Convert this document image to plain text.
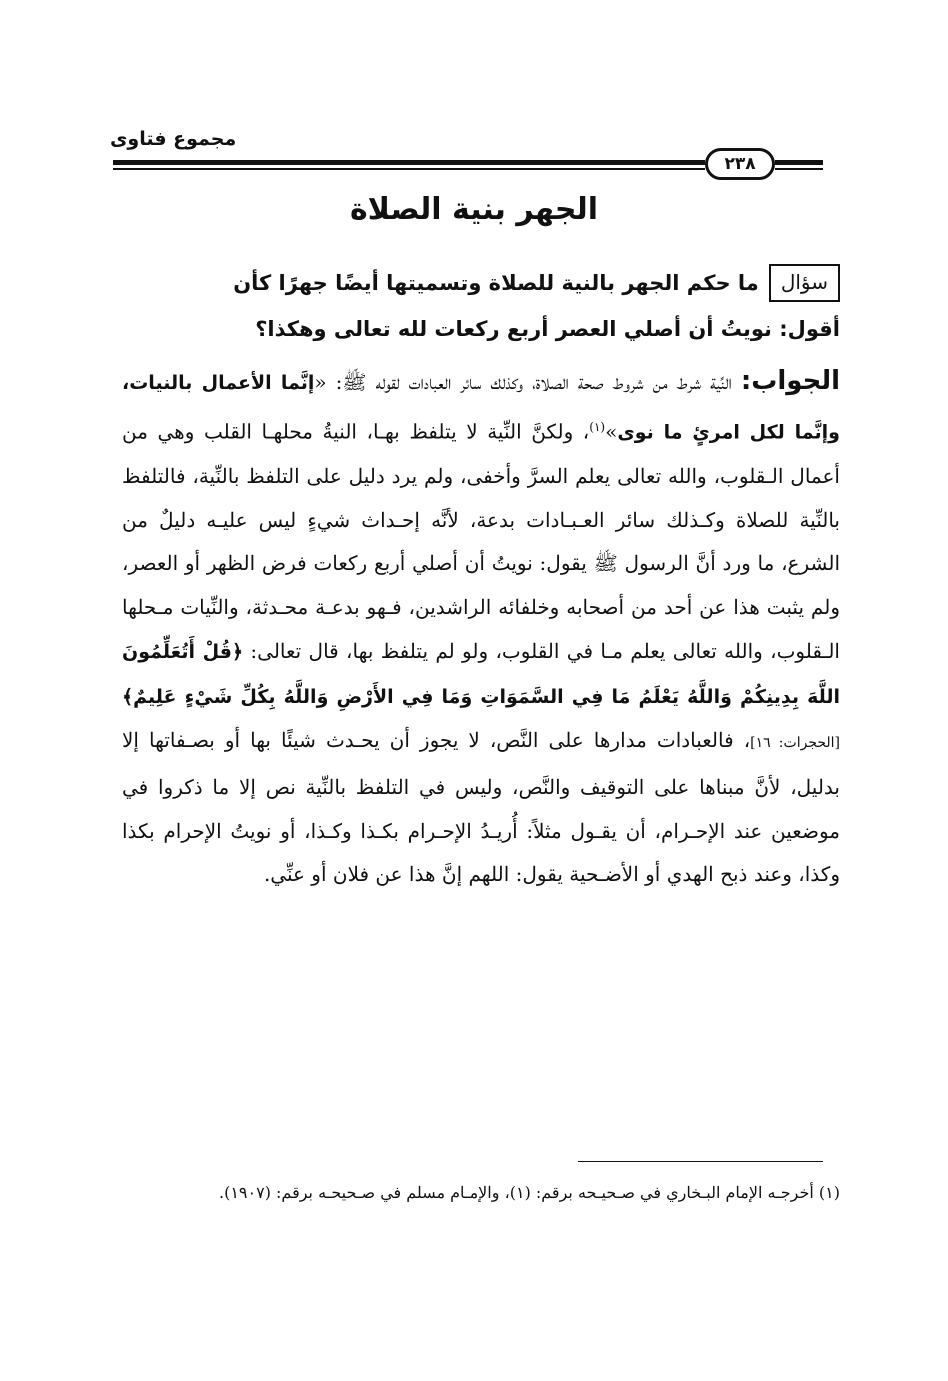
مجموع فتاوى
٢٣٨
الجهر بنية الصلاة
سؤال
ما حكم الجهر بالنية للصلاة وتسميتها أيضًا جهرًا كأن
أقول: نويتُ أن أصلي العصر أربع ركعات لله تعالى وهكذا؟

الجواب: النِّية شرط من شروط صحة الصلاة، وكذلك سائر العبادات لقوله ﷺ: «إنَّما الأعمال بالنيات، وإنَّما لكل امرئٍ ما نوى»$^{(١)}$، ولكنَّ النِّية لا يتلفظ بهـا، النيةُ محلهـا القلب وهي من أعمال الـقلوب، والله تعالى يعلم السرَّ وأخفى، ولم يرد دليل على التلفظ بالنِّية، فالتلفظ بالنِّية للصلاة وكـذلك سائر العـبـادات بدعة، لأنَّه إحـداث شيءٍ ليس عليـه دليلٌ من الشرع، ما ورد أنَّ الرسول ﷺ يقول: نويتُ أن أصلي أربع ركعات فرض الظهر أو العصر، ولم يثبت هذا عن أحد من أصحابه وخلفائه الراشدين، فـهو بدعـة محـدثة، والنِّيات مـحلها الـقلوب، والله تعالى يعلم مـا في القلوب، ولو لم يتلفظ بها، قال تعالى: ﴿قُلْ أَتُعَلِّمُونَ اللَّهَ بِدِينِكُمْ وَاللَّهُ يَعْلَمُ مَا فِي السَّمَوَاتِ وَمَا فِي الأَرْضِ وَاللَّهُ بِكُلِّ شَيْءٍ عَلِيمٌ﴾ [الحجرات: ١٦]، فالعبادات مدارها على النَّص، لا يجوز أن يحـدث شيئًا بها أو بصـفاتها إلا بدليل، لأنَّ مبناها على التوقيف والنَّص، وليس في التلفظ بالنِّية نص إلا ما ذكروا في موضعين عند الإحـرام، أن يقـول مثلاً: أُريـدُ الإحـرام بكـذا وكـذا، أو نويتُ الإحرام بكذا وكذا، وعند ذبح الهدي أو الأضـحية يقول: اللهم إنَّ هذا عن فلان أو عنِّي.

(١) أخرجـه الإمام البـخاري في صـحيـحه برقم: (١)، والإمـام مسلم في صـحيحـه برقم: (١٩٠٧).
